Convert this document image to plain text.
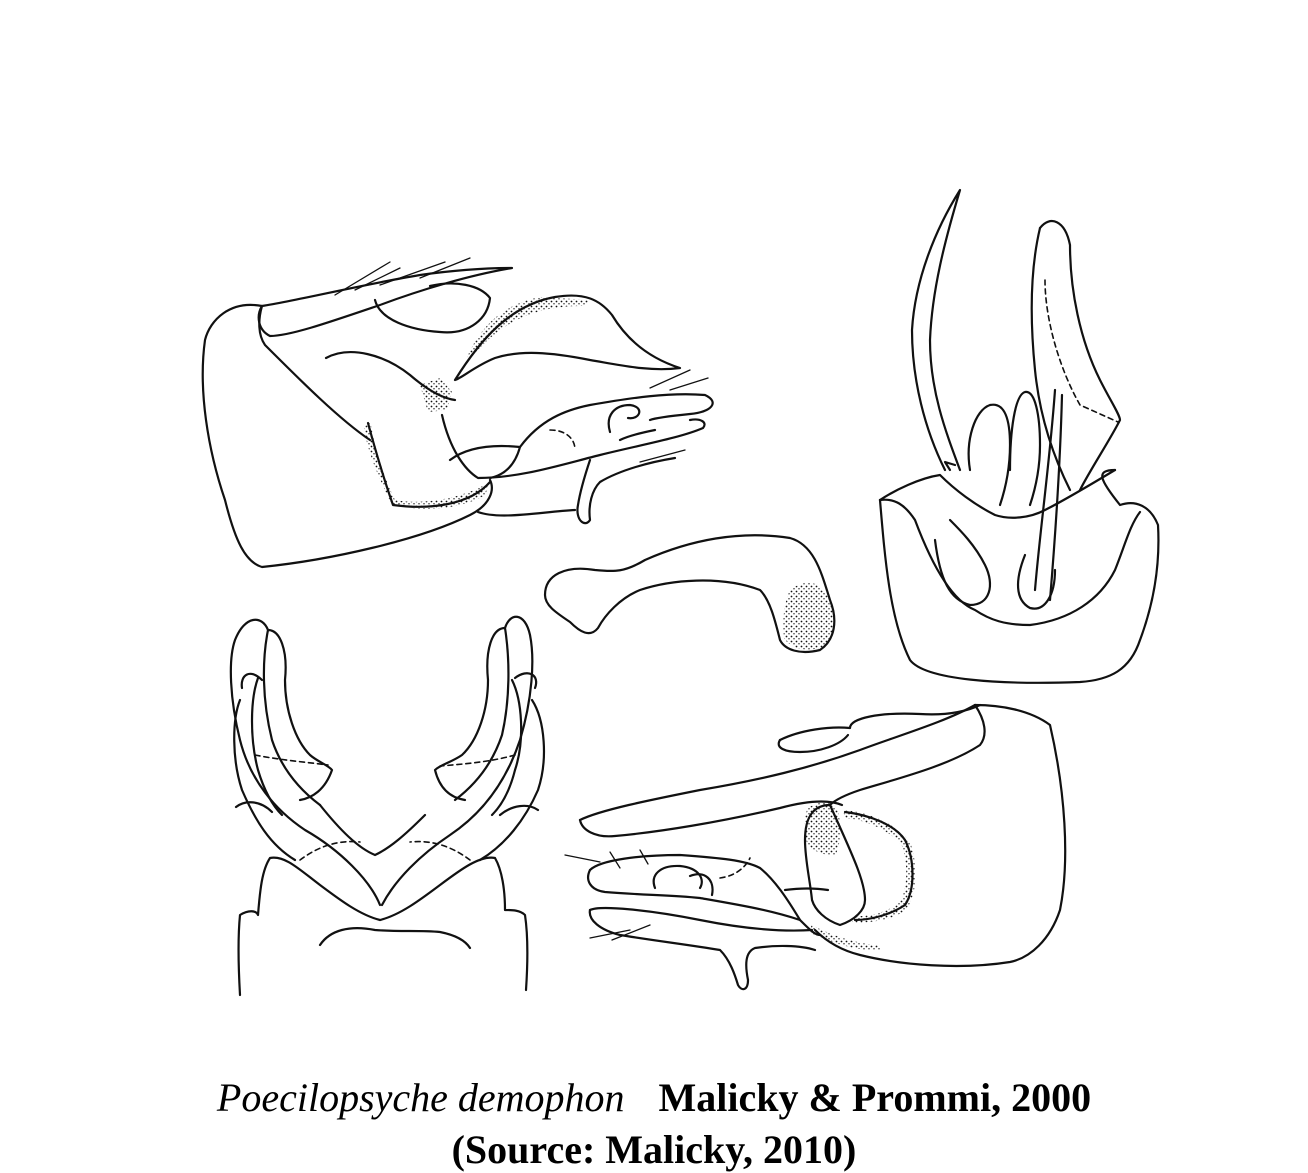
Poecilopsyche demophon Malicky & Prommi, 2000
(Source: Malicky, 2010)
